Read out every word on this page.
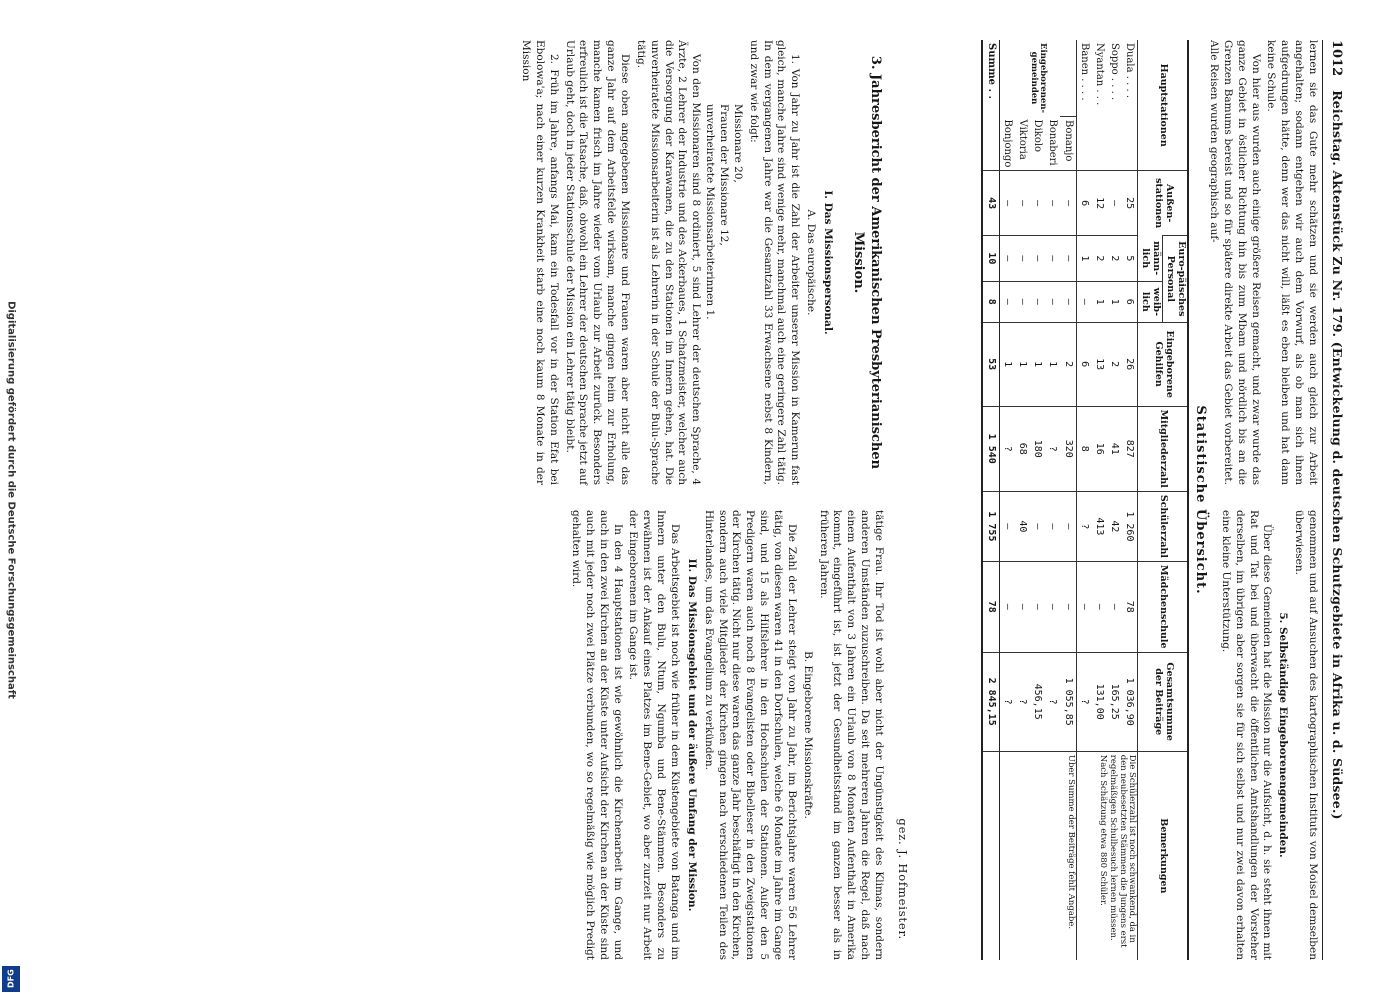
Digitalisierung gefördert durch die Deutsche Forschungsgemeinschaft
DFG
1012
Reichstag. Aktenstück Zu Nr. 179. (Entwickelung d. deutschen Schutzgebiete in Afrika u. d. Südsee.)

lernen sie das Gute mehr schätzen und sie werden auch gleich zur Arbeit angehalten; sodann entgehen wir auch dem Vorwurf, als ob man sich ihnen aufgedrungen hätte, denn wer das nicht will, läßt es eben bleiben und hat dann keine Schule.

Von hier aus wurden auch einige größere Reisen gemacht, und zwar wurde das ganze Gebiet in östlicher Richtung hin bis zum Mbam und nördlich bis an die Grenzen Bamums bereist und so für spätere direkte Arbeit das Gebiet vorbereitet. Alle Reisen wurden geographisch auf-

genommen und auf Ansuchen des kartographischen Instituts von Moisel demselben überwiesen.

5. Selbständige Eingeborenengemeinden.

Über diese Gemeinden hat die Mission nur die Aufsicht, d. h. sie steht ihnen mit Rat und Tat bei und überwacht die öffentlichen Amtshandlungen der Vorsteher derselben, im übrigen aber sorgen sie für sich selbst und nur zwei davon erhalten eine kleine Unterstützung.

Statistische Übersicht.
Hauptstationen		Außen-stationen	Euro-päisches Personal		Eingeborene Gehilfen	Mitgliederzahl	Schülerzahl	Mädchenschule	Gesamtsumme der Beiträge	Bemerkungen
			männ-lich	weib-lich						
Duala . . . .		25	5	6	26	827	1 260	78	1 036,90	Die Schülerzahl ist noch schwankend, da in den neubesetzten Stämmen die Jungens erst regelmäßigen Schulbesuch lernen müssen. Nach Schätzung etwa 880 Schüler.
Soppo . . . .		—	2	1	2	41	42	—	165,25	
Nyantan . . .		12	2	1	13	16	413	—	131,00	
Banen . . . .		6	1	—	6	8	?	—	?	
Eingeborenen-gemeinden	Bonanjo	—	—	—	2	320	—	—	1 055,85	Über Summe der Beiträge fehlt Angabe.
	Bonaberi	—	—	—	1	?	—	—	?	
	Dikolo	—	—	—	1	180	—	—	456,15	
	Viktoria	—	—	—	1	68	40	—	?	
	Bonjongo	—	—	—	1	?	—	—	?	
Summe . .		43	10	8	53	1 540	1 755	78	2 845,15	
gez. J. Hofmeister.
3. Jahresbericht der Amerikanischen Presbyterianischen Mission.

I. Das Missionspersonal.

A. Das europäische.

1. Von Jahr zu Jahr ist die Zahl der Arbeiter unserer Mission in Kamerun fast gleich, manche Jahre sind wenige mehr, manchmal auch eine geringere Zahl tätig. In dem vergangenen Jahre war die Gesamtzahl 33 Erwachsene nebst 8 Kindern, und zwar wie folgt:

Missionare 20,

Frauen der Missionare 12,

unverheiratete Missionsarbeiterinnen 1.

Von den Missionaren sind 8 ordiniert, 5 sind Lehrer der deutschen Sprache, 4 Ärzte, 2 Lehrer der Industrie und des Ackerbaues, 1 Schatzmeister, welcher auch die Versorgung der Karawanen, die zu den Stationen im Innern gehen, hat. Die unverheiratete Missionsarbeiterin ist als Lehrerin in der Schule der Bulu-Sprache tätig.

Diese oben angegebenen Missionare und Frauen waren aber nicht alle das ganze Jahr auf dem Arbeitsfelde wirksam, manche gingen heim zur Erholung, manche kamen frisch im Jahre wieder vom Urlaub zur Arbeit zurück. Besonders erfreulich ist die Tatsache, daß, obwohl ein Lehrer der deutschen Sprache jetzt auf Urlaub geht, doch in jeder Stationsschule der Mission ein Lehrer tätig bleibt.

2. Früh im Jahre, anfangs Mai, kam ein Todesfall vor in der Station Efat bei Ebolowa'a; nach einer kurzen Krankheit starb eine noch kaum 8 Monate in der Mission

tätige Frau. Ihr Tod ist wohl aber nicht der Ungünstigkeit des Klimas, sondern anderen Umständen zuzuschreiben. Da seit mehreren Jahren die Regel, daß nach einem Aufenthalt von 3 Jahren ein Urlaub von 8 Monaten Aufenthalt in Amerika kommt, eingeführt ist, ist jetzt der Gesundheitsstand im ganzen besser als in früheren Jahren.

B. Eingeborene Missionskräfte.

Die Zahl der Lehrer steigt von Jahr zu Jahr, im Berichtsjahre waren 56 Lehrer tätig, von diesen waren 41 in den Dorfschulen, welche 6 Monate im Jahre im Gange sind, und 15 als Hilfslehrer in den Hochschulen der Stationen. Außer den 5 Predigern waren auch noch 8 Evangelisten oder Bibelleser in den Zweigstationen der Kirchen tätig. Nicht nur diese waren das ganze Jahr beschäftigt in den Kirchen, sondern auch viele Mitglieder der Kirchen gingen nach verschiedenen Teilen des Hinterlandes, um das Evangelium zu verkünden.

II. Das Missionsgebiet und der äußere Umfang der Mission.

Das Arbeitsgebiet ist noch wie früher in dem Küstengebiete von Batanga und im Innern unter den Bulu, Ntum, Ngumba und Bene-Stämmen. Besonders zu erwähnen ist der Ankauf eines Platzes im Bene-Gebiet, wo aber zurzeit nur Arbeit der Eingeborenen im Gange ist.

In den 4 Hauptstationen ist wie gewöhnlich die Kirchenarbeit im Gange, und auch in den zwei Kirchen an der Küste unter Aufsicht der Kirchen an der Küste sind auch mit jeder noch zwei Plätze verbunden, wo so regelmäßig wie möglich Predigt gehalten wird.
